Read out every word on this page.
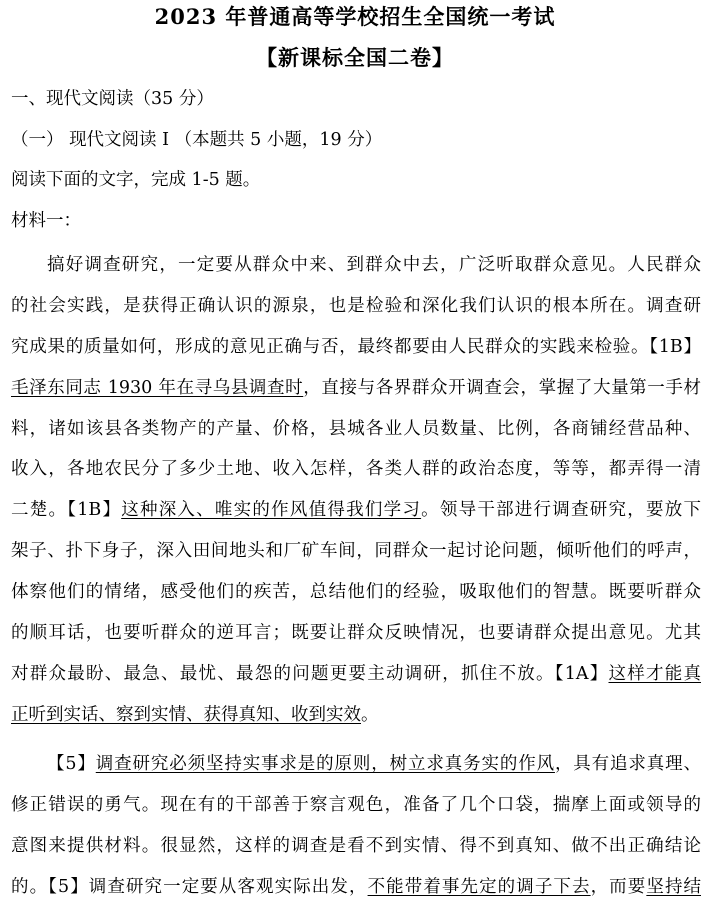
2023 年普通高等学校招生全国统一考试
【新课标全国二卷】
一、现代文阅读（35 分）
（一） 现代文阅读 I （本题共 5 小题，19 分）
阅读下面的文字，完成 1-5 题。
材料一：

搞好调查研究，一定要从群众中来、到群众中去，广泛听取群众意见。人民群众

的社会实践，是获得正确认识的源泉，也是检验和深化我们认识的根本所在。调查研

究成果的质量如何，形成的意见正确与否，最终都要由人民群众的实践来检验。【1B】

毛泽东同志 1930 年在寻乌县调查时，直接与各界群众开调查会，掌握了大量第一手材

料，诸如该县各类物产的产量、价格，县城各业人员数量、比例，各商铺经营品种、

收入，各地农民分了多少土地、收入怎样，各类人群的政治态度，等等，都弄得一清

二楚。【1B】这种深入、唯实的作风值得我们学习。领导干部进行调查研究，要放下

架子、扑下身子，深入田间地头和厂矿车间，同群众一起讨论问题，倾听他们的呼声，

体察他们的情绪，感受他们的疾苦，总结他们的经验，吸取他们的智慧。既要听群众

的顺耳话，也要听群众的逆耳言；既要让群众反映情况，也要请群众提出意见。尤其

对群众最盼、最急、最忧、最怨的问题更要主动调研，抓住不放。【1A】这样才能真

正听到实话、察到实情、获得真知、收到实效。

【5】调查研究必须坚持实事求是的原则，树立求真务实的作风，具有追求真理、

修正错误的勇气。现在有的干部善于察言观色，准备了几个口袋，揣摩上面或领导的

意图来提供材料。很显然，这样的调查是看不到实情、得不到真知、做不出正确结论

的。【5】调查研究一定要从客观实际出发，不能带着事先定的调子下去，而要坚持结
